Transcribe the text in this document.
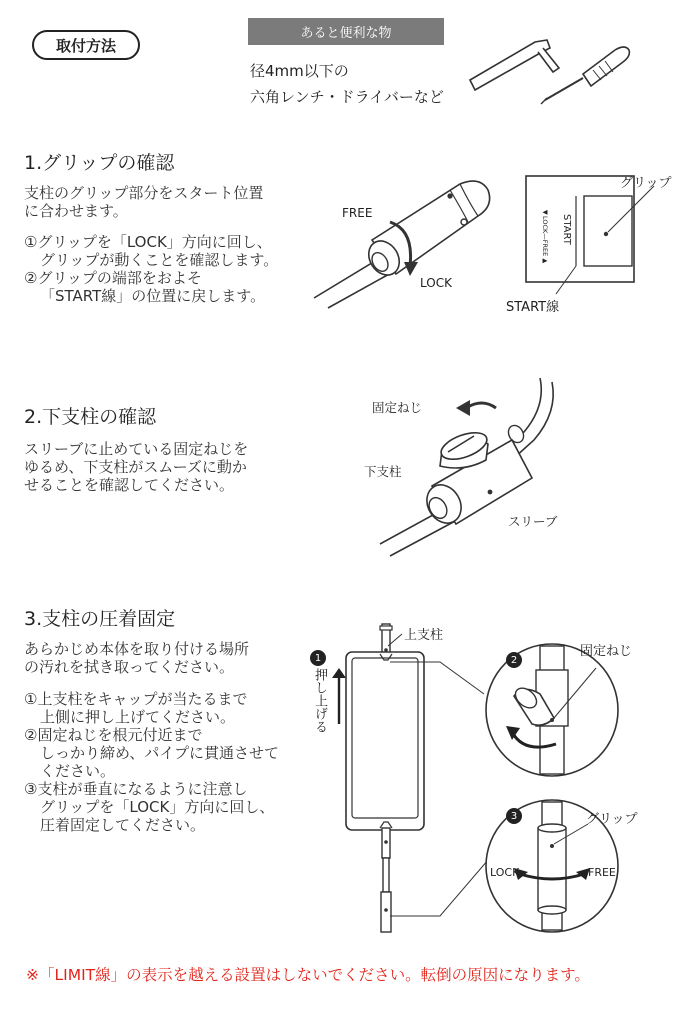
取付方法
あると便利な物
径4mm以下の
六角レンチ・ドライバーなど
1.グリップの確認
支柱のグリップ部分をスタート位置
に合わせます。
①グリップを「LOCK」方向に回し、
グリップが動くことを確認します。
②グリップの端部をおよそ
「START線」の位置に戻します。
FREE
LOCK
START
◀LOCK—FREE▶
グリップ
START線
2.下支柱の確認
スリーブに止めている固定ねじを
ゆるめ、下支柱がスムーズに動か
せることを確認してください。
固定ねじ
下支柱
スリーブ
3.支柱の圧着固定
あらかじめ本体を取り付ける場所
の汚れを拭き取ってください。
①上支柱をキャップが当たるまで
上側に押し上げてください。
②固定ねじを根元付近まで
しっかり締め、パイプに貫通させて
ください。
③支柱が垂直になるように注意し
グリップを「LOCK」方向に回し、
圧着固定してください。
1
押し上げる
上支柱
2
固定ねじ
3	グリップ
LOCK	FREE
※「LIMIT線」の表示を越える設置はしないでください。転倒の原因になります。
